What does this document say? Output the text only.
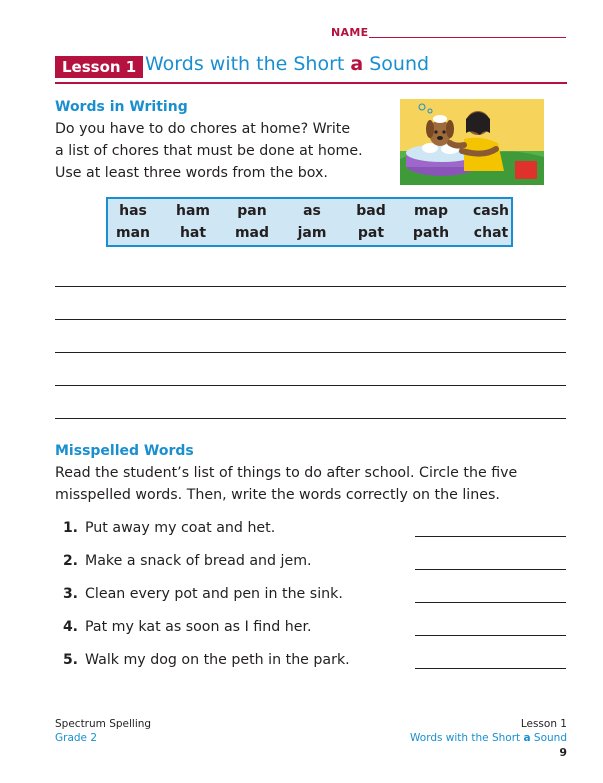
NAME
Lesson 1 Words with the Short a Sound
Words in Writing
Do you have to do chores at home? Write
a list of chores that must be done at home.
Use at least three words from the box.
has	ham	pan	as	bad	map	cash
man	hat	mad	jam	pat	path	chat
Misspelled Words
Read the student’s list of things to do after school. Circle the five
misspelled words. Then, write the words correctly on the lines.
1. Put away my coat and het.
2. Make a snack of bread and jem.
3. Clean every pot and pen in the sink.
4. Pat my kat as soon as I find her.
5. Walk my dog on the peth in the park.
Spectrum Spelling
Grade 2
Lesson 1
Words with the Short a Sound
9
